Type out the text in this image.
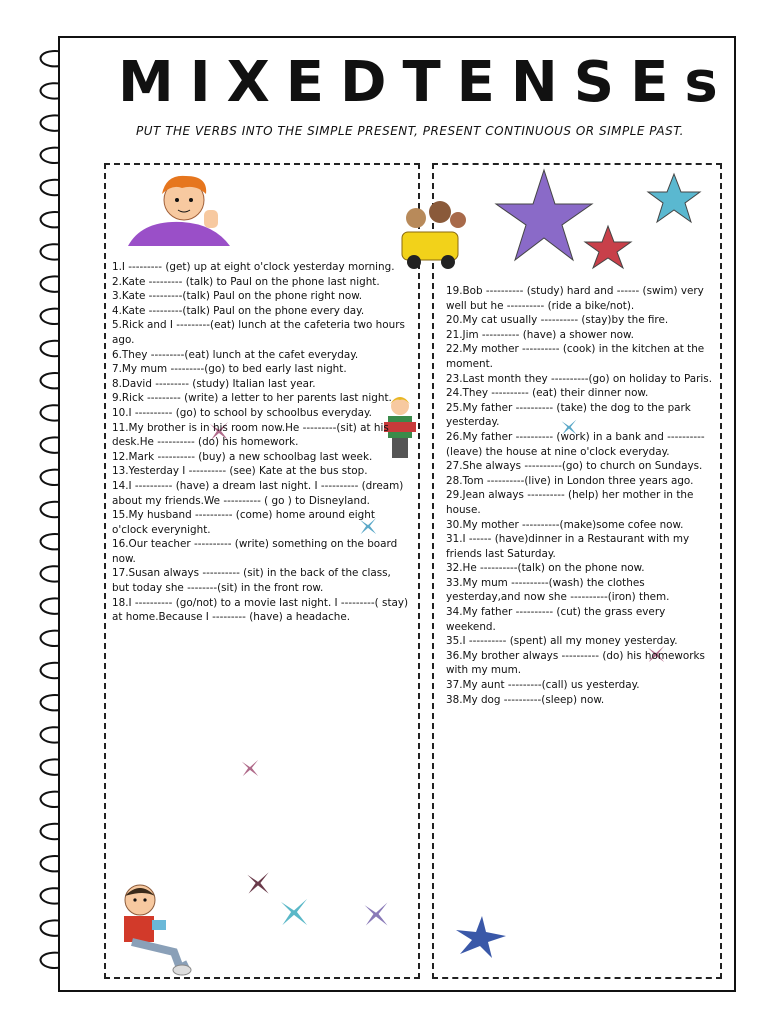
MIXEDTENSEs

PUT THE VERBS INTO THE SIMPLE PRESENT, PRESENT CONTINUOUS OR SIMPLE PAST.

1.I --------- (get) up at eight o'clock yesterday morning.
2.Kate --------- (talk) to Paul on the phone last night.
3.Kate ---------(talk) Paul on the phone right now.
4.Kate ---------(talk) Paul on the phone every day.
5.Rick and I ---------(eat) lunch at the cafeteria two hours ago.
6.They ---------(eat) lunch at the cafet everyday.
7.My mum ---------(go) to bed early last night.
8.David --------- (study) Italian last year.
9.Rick --------- (write) a letter to her parents last night.
10.I ---------- (go) to school by schoolbus everyday.
11.My brother is in his room now.He ---------(sit) at his desk.He ---------- (do) his homework.
12.Mark ---------- (buy) a new schoolbag last week.
13.Yesterday I ---------- (see) Kate at the bus stop.
14.I ---------- (have) a dream last night. I ---------- (dream) about my friends.We ---------- ( go ) to Disneyland.
15.My husband ---------- (come) home around eight o'clock everynight.
16.Our teacher ---------- (write) something on the board now.
17.Susan always ---------- (sit) in the back of the class, but today she --------(sit) in the front row.
18.I ---------- (go/not) to a movie last night. I ---------( stay) at home.Because I --------- (have) a headache.
19.Bob ---------- (study) hard and ------ (swim) very well but he ---------- (ride a bike/not).
20.My cat usually ---------- (stay)by the fire.
21.Jim ---------- (have) a shower now.
22.My mother ---------- (cook) in the kitchen at the moment.
23.Last month they ----------(go) on holiday to Paris.
24.They ---------- (eat) their dinner now.
25.My father ---------- (take) the dog to the park yesterday.
26.My father ---------- (work) in a bank and ---------- (leave) the house at nine o'clock everyday.
27.She always ----------(go) to church on Sundays.
28.Tom ----------(live) in London three years ago.
29.Jean always ---------- (help) her mother in the house.
30.My mother ----------(make)some cofee now.
31.I ------ (have)dinner in a Restaurant with my friends last Saturday.
32.He ----------(talk) on the phone now.
33.My mum ----------(wash) the clothes yesterday,and now she ----------(iron) them.
34.My father ---------- (cut) the grass every weekend.
35.I ---------- (spent) all my money yesterday.
36.My brother always ---------- (do) his homeworks with my mum.
37.My aunt ---------(call) us yesterday.
38.My dog ----------(sleep) now.
